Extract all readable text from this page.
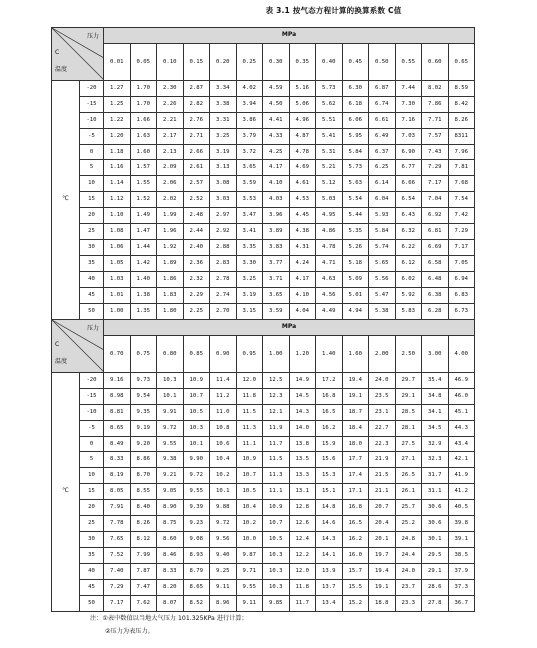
表 3.1 按气态方程计算的换算系数 C值
压力
C
温度		MPa													
		0.01	0.05	0.10	0.15	0.20	0.25	0.30	0.35	0.40	0.45	0.50	0.55	0.60	0.65
℃	-20	1.27	1.70	2.30	2.87	3.34	4.02	4.59	5.16	5.73	6.30	6.87	7.44	8.02	8.59
	-15	1.25	1.70	2.26	2.82	3.38	3.94	4.50	5.06	5.62	6.18	6.74	7.30	7.86	8.42
	-10	1.22	1.66	2.21	2.76	3.31	3.86	4.41	4.96	5.51	6.06	6.61	7.16	7.71	8.26
	-5	1.20	1.63	2.17	2.71	3.25	3.79	4.33	4.87	5.41	5.95	6.49	7.03	7.57	8311
	0	1.18	1.60	2.13	2.66	3.19	3.72	4.25	4.78	5.31	5.84	6.37	6.90	7.43	7.96
	5	1.16	1.57	2.09	2.61	3.13	3.65	4.17	4.69	5.21	5.73	6.25	6.77	7.29	7.81
	10	1.14	1.55	2.06	2.57	3.08	3.59	4.10	4.61	5.12	5.63	6.14	6.66	7.17	7.68
	15	1.12	1.52	2.02	2.52	3.03	3.53	4.03	4.53	5.03	5.54	6.04	6.54	7.04	7.54
	20	1.10	1.49	1.99	2.48	2.97	3.47	3.96	4.45	4.95	5.44	5.93	6.43	6.92	7.42
	25	1.08	1.47	1.96	2.44	2.92	3.41	3.89	4.38	4.86	5.35	5.84	6.32	6.81	7.29
	30	1.06	1.44	1.92	2.40	2.88	3.35	3.83	4.31	4.78	5.26	5.74	6.22	6.69	7.17
	35	1.05	1.42	1.89	2.36	2.83	3.30	3.77	4.24	4.71	5.18	5.65	6.12	6.58	7.05
	40	1.03	1.40	1.86	2.32	2.78	3.25	3.71	4.17	4.63	5.09	5.56	6.02	6.48	6.94
	45	1.01	1.38	1.83	2.29	2.74	3.19	3.65	4.10	4.56	5.01	5.47	5.92	6.38	6.83
	50	1.00	1.35	1.80	2.25	2.70	3.15	3.59	4.04	4.49	4.94	5.38	5.83	6.28	6.73
压力
C
温度		MPa													
		0.70	0.75	0.80	0.85	0.90	0.95	1.00	1.20	1.40	1.60	2.00	2.50	3.00	4.00
℃	-20	9.16	9.73	10.3	10.9	11.4	12.0	12.5	14.9	17.2	19.4	24.0	29.7	35.4	46.9
	-15	8.98	9.54	10.1	10.7	11.2	11.8	12.3	14.5	16.8	19.1	23.5	29.1	34.8	46.0
	-10	8.81	9.35	9.91	10.5	11.0	11.5	12.1	14.3	16.5	18.7	23.1	28.5	34.1	45.1
	-5	8.65	9.19	9.72	10.3	10.8	11.3	11.9	14.0	16.2	18.4	22.7	28.1	34.5	44.3
	0	8.49	9.20	9.55	10.1	10.6	11.1	11.7	13.8	15.9	18.0	22.3	27.5	32.9	43.4
	5	8.33	8.86	9.38	9.90	10.4	10.9	11.5	13.5	15.6	17.7	21.9	27.1	32.3	42.1
	10	8.19	8.70	9.21	9.72	10.2	10.7	11.3	13.3	15.3	17.4	21.5	26.5	31.7	41.9
	15	8.05	8.55	9.05	9.55	10.1	10.5	11.1	13.1	15.1	17.1	21.1	26.1	31.1	41.2
	20	7.91	8.40	8.90	9.39	9.88	10.4	10.9	12.8	14.8	16.8	20.7	25.7	30.6	40.5
	25	7.78	8.26	8.75	9.23	9.72	10.2	10.7	12.6	14.6	16.5	20.4	25.2	30.6	39.8
	30	7.65	8.12	8.60	9.08	9.56	10.0	10.5	12.4	14.3	16.2	20.1	24.8	30.1	39.1
	35	7.52	7.99	8.46	8.93	9.40	9.87	10.3	12.2	14.1	16.0	19.7	24.4	29.5	38.5
	40	7.40	7.87	8.33	8.79	9.25	9.71	10.3	12.0	13.9	15.7	19.4	24.0	29.1	37.9
	45	7.29	7.47	8.20	8.65	9.11	9.55	10.3	11.8	13.7	15.5	19.1	23.7	28.6	37.3
	50	7.17	7.62	8.07	8.52	8.96	9.11	9.85	11.7	13.4	15.2	18.8	23.3	27.8	36.7
注：①表中数值以当地大气压力 101.325KPa 进行计算；
②压力为表压力。
